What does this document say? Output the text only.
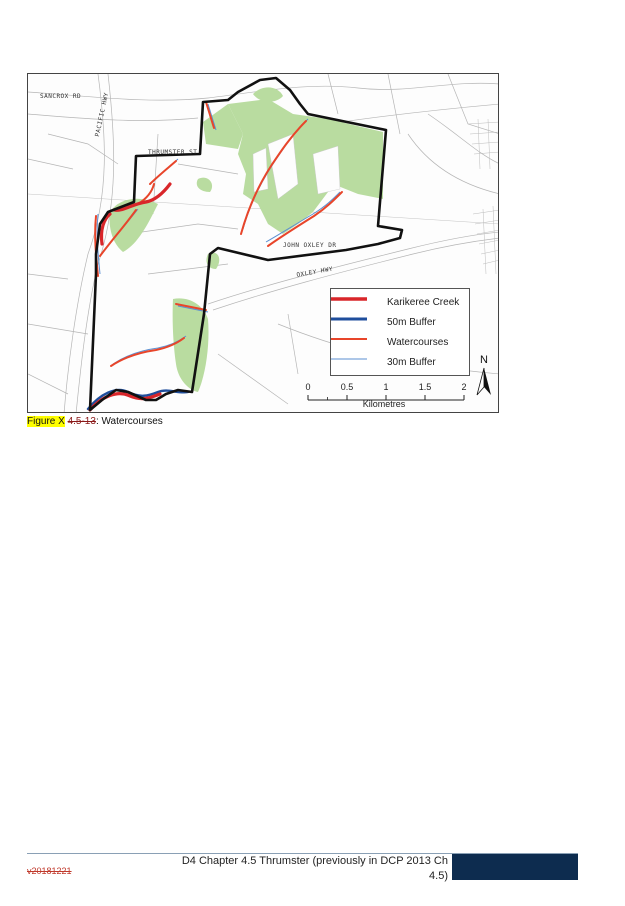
SANCROX RD PACIFIC HWY
THRUMSTER ST
JOHN OXLEY DR
OXLEY HWY
Karikeree Creek
50m Buffer
Watercourses
30m Buffer
0	0.5	1	1.5	2
Kilometres
N
Figure X 4.5-13: Watercourses
v20181221
D4 Chapter 4.5 Thrumster (previously in DCP 2013 Ch
4.5)
